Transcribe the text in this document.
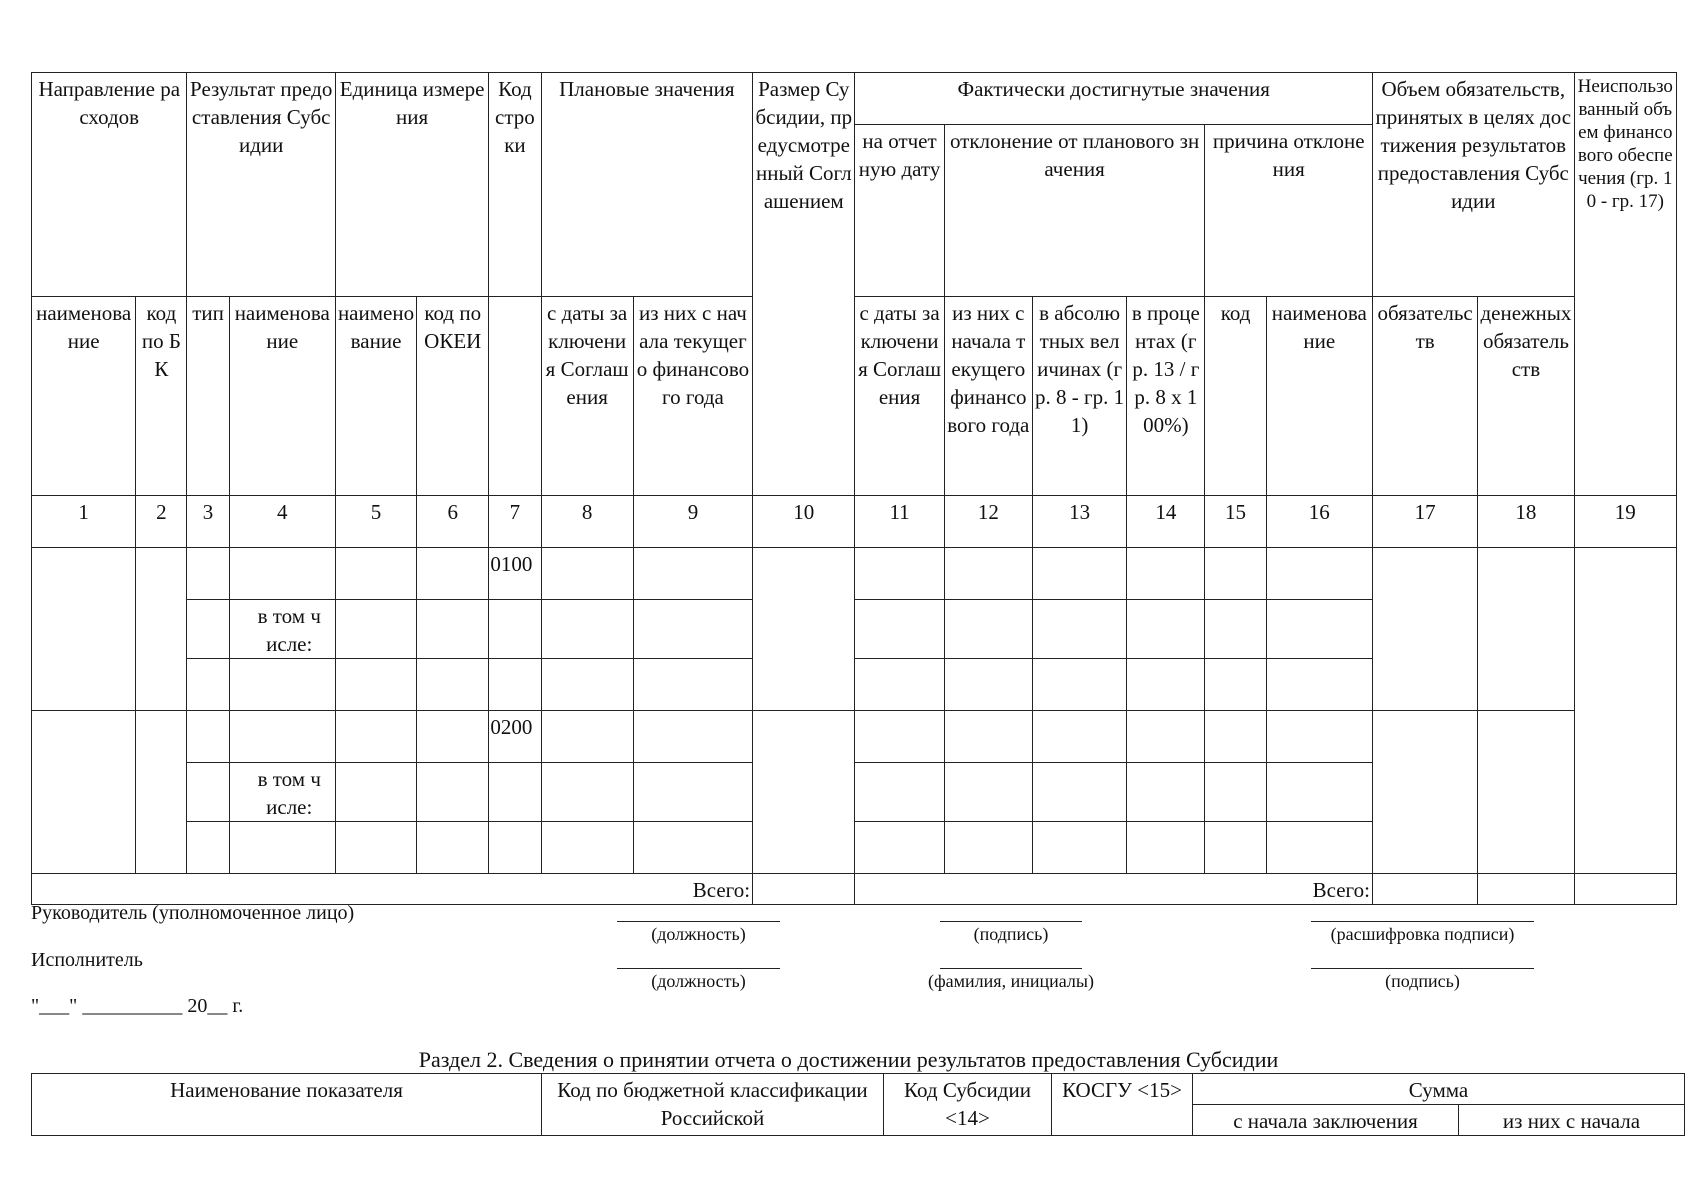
Направление расходов		Результат предоставления Субсидии		Единица измерения		Код строки	Плановые значения		Размер Субсидии, предусмотренный Соглашением	Фактически достигнутые значения						Объем обязательств, принятых в целях достижения результатов предоставления Субсидии		Неиспользованный объем финансового обеспечения (гр. 10 - гр. 17)
										на отчетную дату	отклонение от планового значения			причина отклонения				
наименование	код по БК	тип	наименование	наименование	код по ОКЕИ		с даты заключения Соглашения	из них с начала текущего финансового года		с даты заключения Соглашения	из них с начала текущего финансового года	в абсолютных величинах (гр. 8 - гр. 11)	в процентах (гр. 13 / гр. 8 x 100%)	код	наименование	обязательств	денежных обязательств	
1	2	3	4	5	6	7	8	9	10	11	12	13	14	15	16	17	18	19
						0100												
			в том числе:															

						0200												
			в том числе:															

Всего:										Всего:								
Руководитель (уполномоченное лицо)
Исполнитель
"___" __________ 20__ г.
(должность)	(подпись)	(расшифровка подписи)
(должность)	(фамилия, инициалы)	(подпись)
Раздел 2. Сведения о принятии отчета о достижении результатов предоставления Субсидии
Наименование показателя	Код по бюджетной классификации Российской	Код Субсидии <14>	КОСГУ <15>	Сумма	
				с начала заключения	из них с начала
